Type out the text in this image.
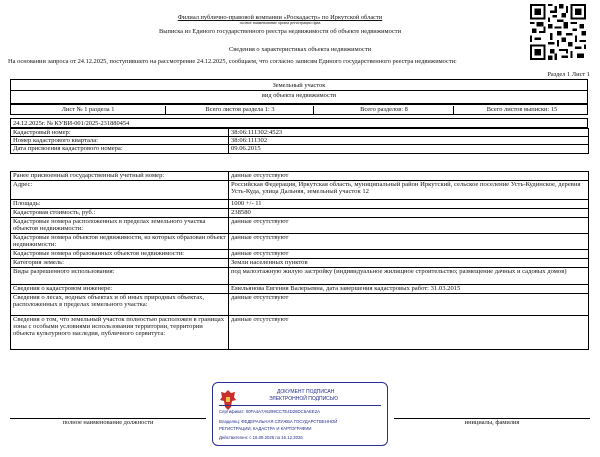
Филиал публично-правовой компании «Роскадастр» по Иркутской области
полное наименование органа регистрации прав
Выписка из Единого государственного реестра недвижимости об объекте недвижимости
Сведения о характеристиках объекта недвижимости
На основании запроса от 24.12.2025, поступившего на рассмотрение 24.12.2025, сообщаем, что согласно записям Единого государственного реестра недвижимости:
Раздел 1 Лист 1
Земельный участок
вид объекта недвижимости
Лист № 1 раздела 1	Всего листов раздела 1: 3	Всего разделов: 8	Всего листов выписки: 15
24.12.2025г. № КУВИ-001/2025-231880454
Кадастровый номер:	38:06:111302:4523
Номер кадастрового квартала:	38:06:111302
Дата присвоения кадастрового номера:	09.06.2015
Ранее присвоенный государственный учетный номер:	данные отсутствуют
Адрес:	Российская Федерация, Иркутская область, муниципальный район Иркутский, сельское поселение Усть-Кудинское, деревня Усть-Куда, улица Дальняя, земельный участок 12
Площадь:	1000 +/- 11
Кадастровая стоимость, руб.:	238580
Кадастровые номера расположенных в пределах земельного участка объектов недвижимости:	данные отсутствуют
Кадастровые номера объектов недвижимости, из которых образован объект недвижимости:	данные отсутствуют
Кадастровые номера образованных объектов недвижимости:	данные отсутствуют
Категория земель:	Земли населенных пунктов
Виды разрешенного использования:	под малоэтажную жилую застройку (индивидуальное жилищное строительство; размещение дачных и садовых домов)
Сведения о кадастровом инженере:	Емельянова Евгения Валерьевна, дата завершения кадастровых работ: 31.03.2015
Сведения о лесах, водных объектах и об иных природных объектах, расположенных в пределах земельного участка:	данные отсутствуют
Сведения о том, что земельный участок полностью расположен в границах зоны с особыми условиями использования территории, территории объекта культурного наследия, публичного сервитута:	данные отсутствуют
ДОКУМЕНТ ПОДПИСАН
ЭЛЕКТРОННОЙ ПОДПИСЬЮ
Сертификат: 00FA4A7A6299CC7E4D26DC6AEE2A
Владелец: ФЕДЕРАЛЬНАЯ СЛУЖБА ГОСУДАРСТВЕННОЙ
РЕГИСТРАЦИИ, КАДАСТРА И КАРТОГРАФИИ
Действителен: с 16.09.2025 по 16.12.2026
полное наименование должности	инициалы, фамилия
